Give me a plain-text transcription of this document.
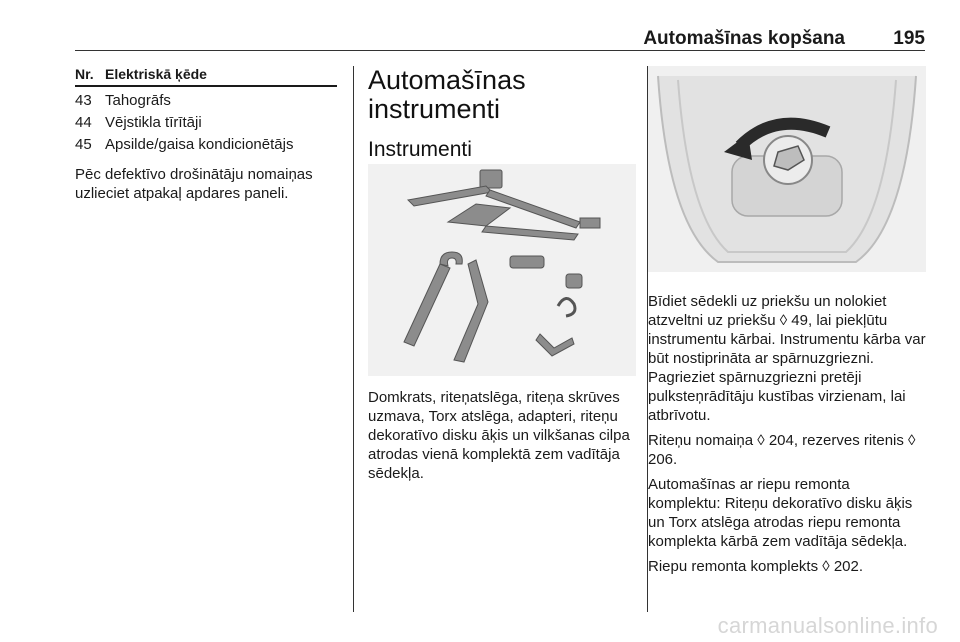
Automašīnas kopšana	195
Nr. Elektriskā ķēde
43 Tahogrāfs
44 Vējstikla tīrītāji
45 Apsilde/gaisa kondicionētājs

Pēc defektīvo drošinātāju nomaiņas uzlieciet atpakaļ apdares paneli.

Automašīnas instrumenti
Instrumenti

Domkrats, riteņatslēga, riteņa skrūves uzmava, Torx atslēga, adapteri, riteņu dekoratīvo disku āķis un vilkšanas cilpa atrodas vienā komplektā zem vadītāja sēdekļa.

Bīdiet sēdekli uz priekšu un nolokiet atzveltni uz priekšu ◊ 49, lai piekļūtu instrumentu kārbai. Instrumentu kārba var būt nostiprināta ar spārnuzgriezni. Pagrieziet spārnuzgriezni pretēji pulksteņrādītāju kustības virzienam, lai atbrīvotu.

Riteņu nomaiņa ◊ 204, rezerves ritenis ◊ 206.

Automašīnas ar riepu remonta komplektu: Riteņu dekoratīvo disku āķis un Torx atslēga atrodas riepu remonta komplekta kārbā zem vadītāja sēdekļa.

Riepu remonta komplekts ◊ 202.

carmanualsonline.info
